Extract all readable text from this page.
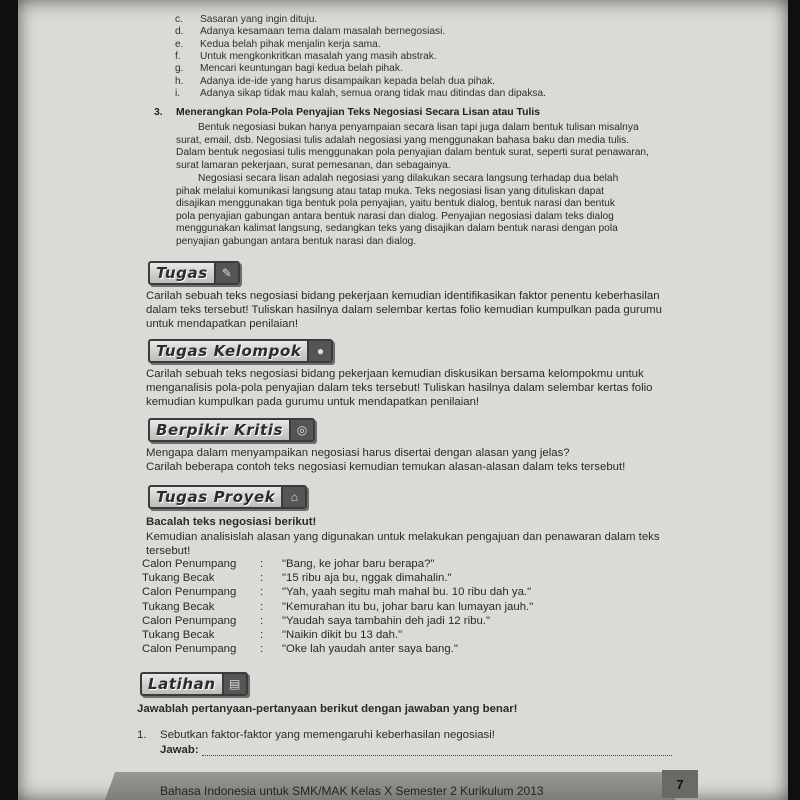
c. Sasaran yang ingin dituju.
d. Adanya kesamaan tema dalam masalah bernegosiasi.
e. Kedua belah pihak menjalin kerja sama.
f. Untuk mengkonkritkan masalah yang masih abstrak.
g. Mencari keuntungan bagi kedua belah pihak.
h. Adanya ide-ide yang harus disampaikan kepada belah dua pihak.
i. Adanya sikap tidak mau kalah, semua orang tidak mau ditindas dan dipaksa.
3. Menerangkan Pola-Pola Penyajian Teks Negosiasi Secara Lisan atau Tulis
Bentuk negosiasi bukan hanya penyampaian secara lisan tapi juga dalam bentuk tulisan misalnya
surat, email, dsb. Negosiasi tulis adalah negosiasi yang menggunakan bahasa baku dan media tulis.
Dalam bentuk negosiasi tulis menggunakan pola penyajian dalam bentuk surat, seperti surat penawaran,
surat lamaran pekerjaan, surat pemesanan, dan sebagainya.
Negosiasi secara lisan adalah negosiasi yang dilakukan secara langsung terhadap dua belah
pihak melalui komunikasi langsung atau tatap muka. Teks negosiasi lisan yang dituliskan dapat
disajikan menggunakan tiga bentuk pola penyajian, yaitu bentuk dialog, bentuk narasi dan bentuk
pola penyajian gabungan antara bentuk narasi dan dialog. Penyajian negosiasi dalam teks dialog
menggunakan kalimat langsung, sedangkan teks yang disajikan dalam bentuk narasi dengan pola
penyajian gabungan antara bentuk narasi dan dialog.
Tugas	✎
Carilah sebuah teks negosiasi bidang pekerjaan kemudian identifikasikan faktor penentu keberhasilan
dalam teks tersebut! Tuliskan hasilnya dalam selembar kertas folio kemudian kumpulkan pada gurumu
untuk mendapatkan penilaian!
Tugas Kelompok	●
Carilah sebuah teks negosiasi bidang pekerjaan kemudian diskusikan bersama kelompokmu untuk
menganalisis pola-pola penyajian dalam teks tersebut! Tuliskan hasilnya dalam selembar kertas folio
kemudian kumpulkan pada gurumu untuk mendapatkan penilaian!
Berpikir Kritis	◎
Mengapa dalam menyampaikan negosiasi harus disertai dengan alasan yang jelas?
Carilah beberapa contoh teks negosiasi kemudian temukan alasan-alasan dalam teks tersebut!
Tugas Proyek	⌂
Bacalah teks negosiasi berikut!
Kemudian analisislah alasan yang digunakan untuk melakukan pengajuan dan penawaran dalam teks
tersebut!
Calon Penumpang	:	"Bang, ke johar baru berapa?"
Tukang Becak	:	"15 ribu aja bu, nggak dimahalin."
Calon Penumpang	:	"Yah, yaah segitu mah mahal bu. 10 ribu dah ya."
Tukang Becak	:	"Kemurahan itu bu, johar baru kan lumayan jauh."
Calon Penumpang	:	"Yaudah saya tambahin deh jadi 12 ribu."
Tukang Becak	:	"Naikin dikit bu 13 dah."
Calon Penumpang	:	"Oke lah yaudah anter saya bang."
Latihan	▤
Jawablah pertanyaan-pertanyaan berikut dengan jawaban yang benar!
1. Sebutkan faktor-faktor yang memengaruhi keberhasilan negosiasi!
Jawab:
Bahasa Indonesia untuk SMK/MAK Kelas X Semester 2 Kurikulum 2013	7
